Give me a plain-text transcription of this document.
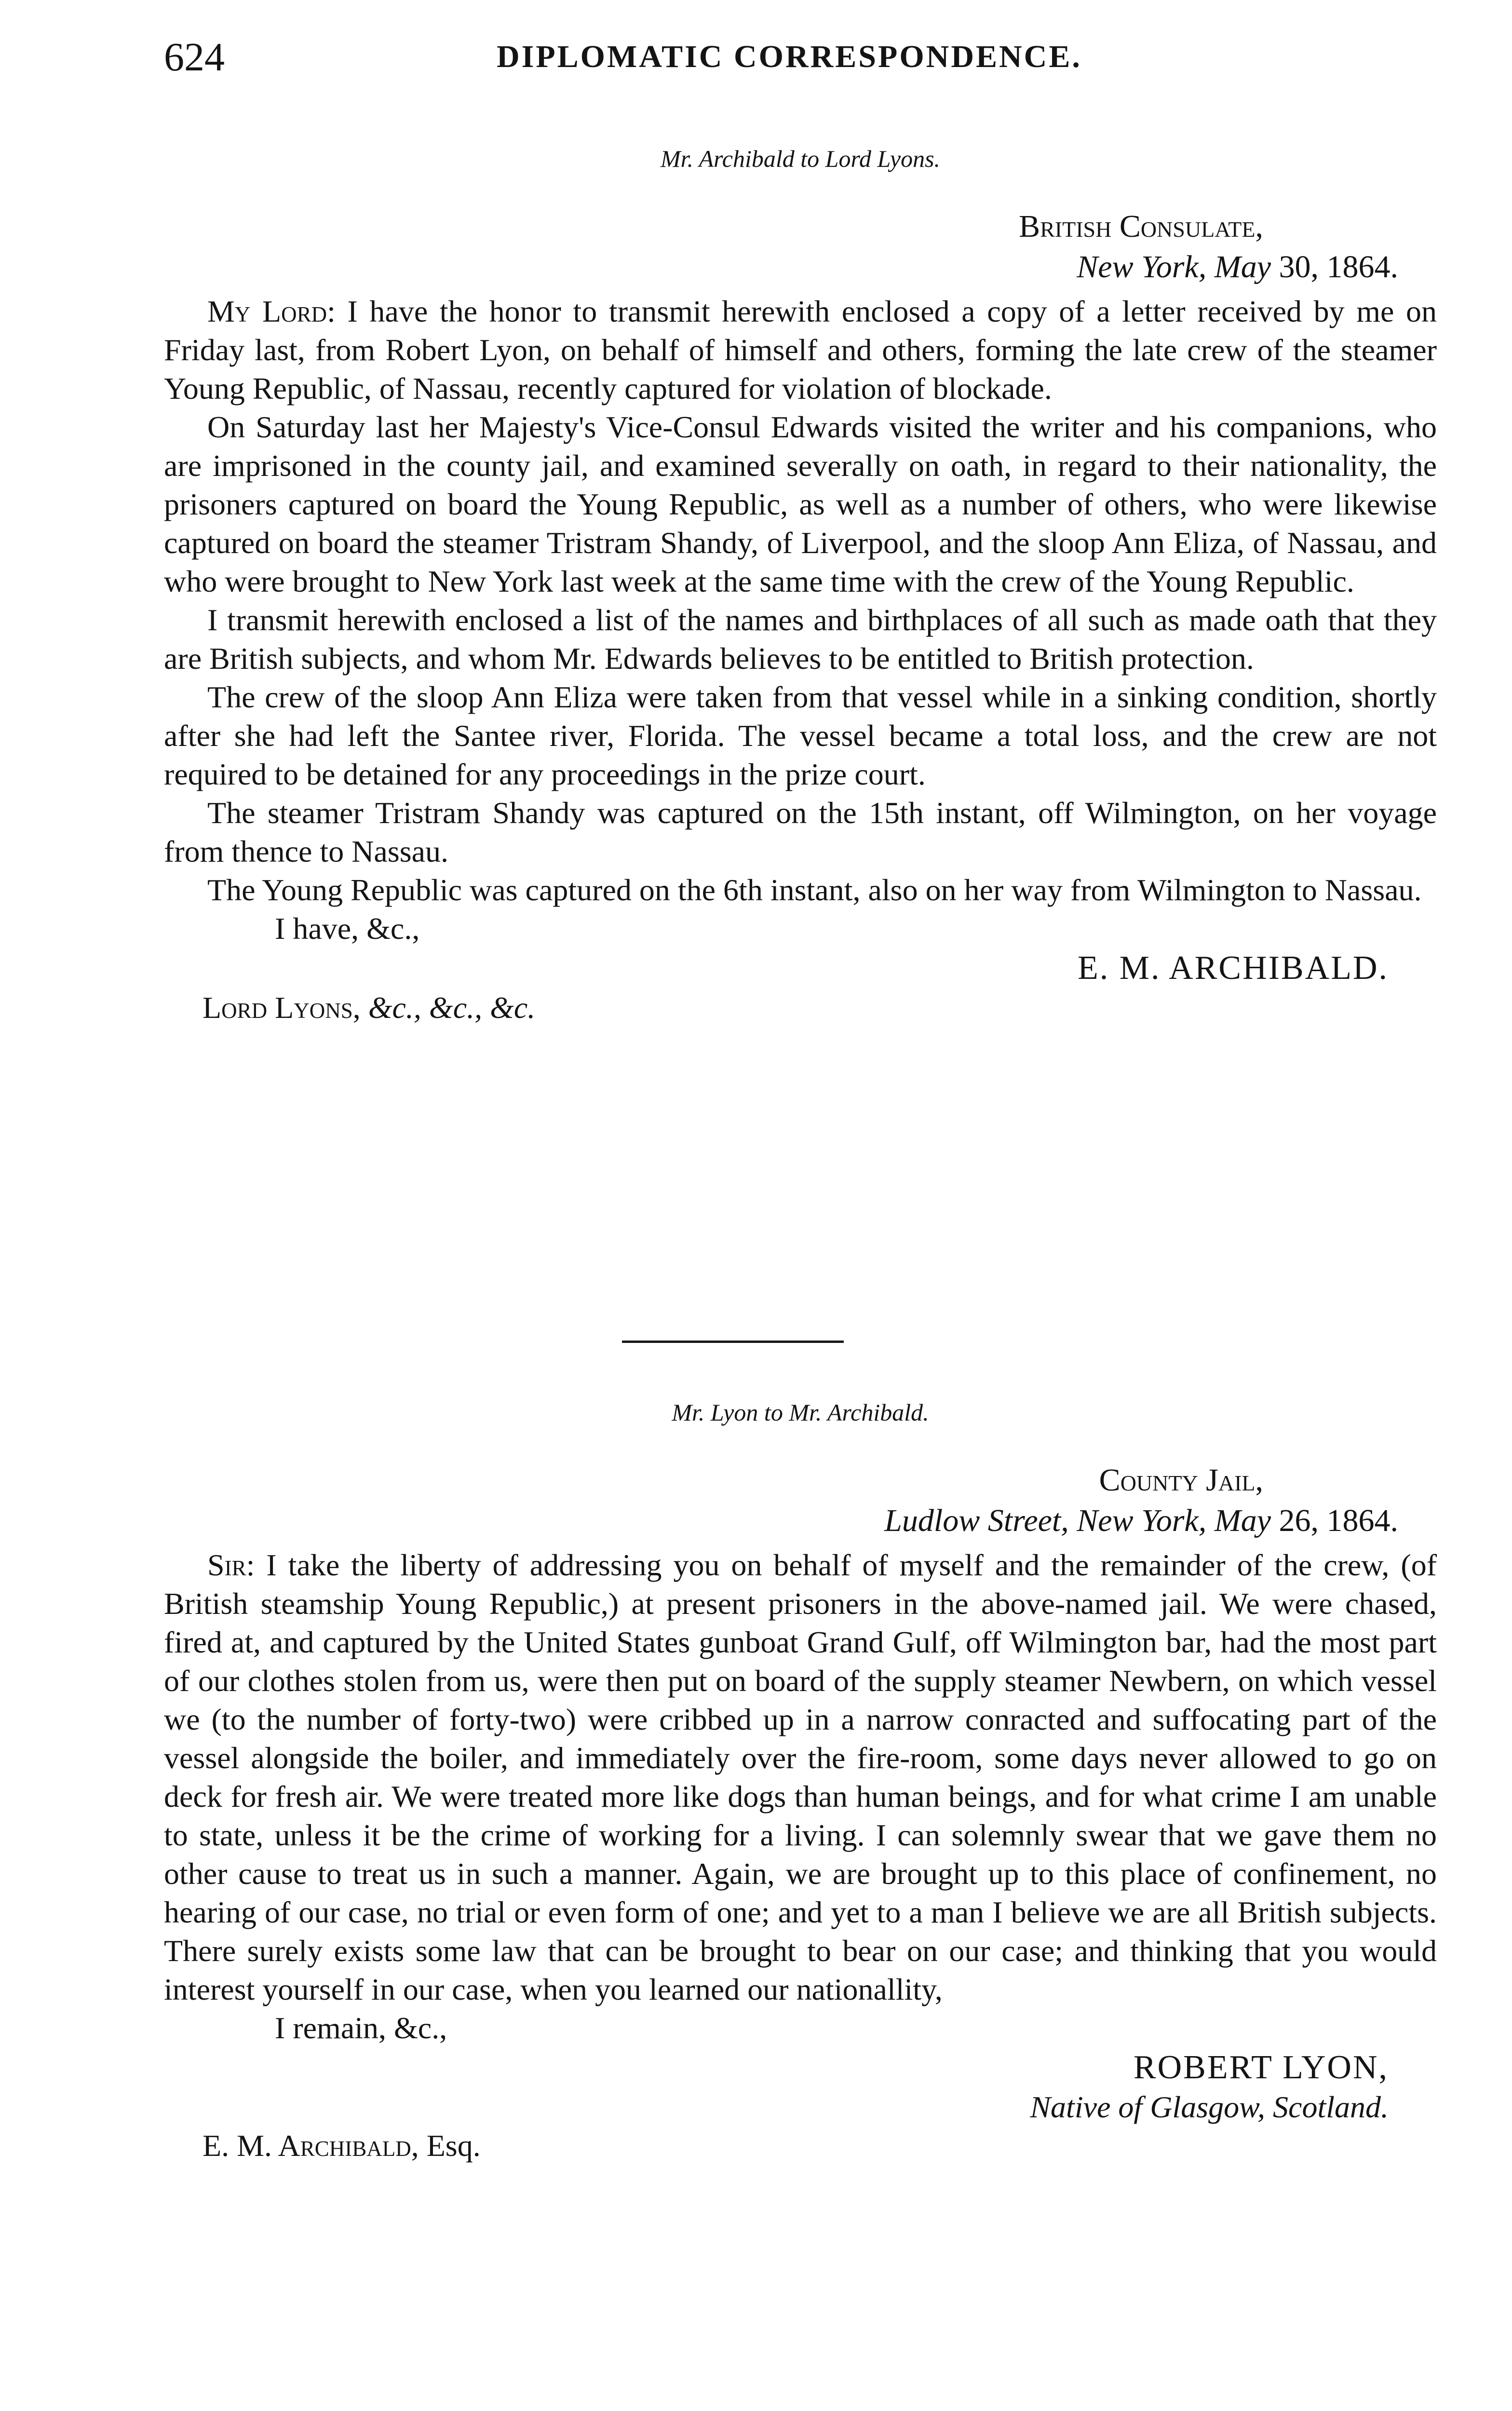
624	DIPLOMATIC CORRESPONDENCE.
Mr. Archibald to Lord Lyons.
British Consulate,
New York, May 30, 1864.

My Lord: I have the honor to transmit herewith enclosed a copy of a letter received by me on Friday last, from Robert Lyon, on behalf of himself and others, forming the late crew of the steamer Young Republic, of Nassau, recently captured for violation of blockade.

On Saturday last her Majesty's Vice-Consul Edwards visited the writer and his companions, who are imprisoned in the county jail, and examined severally on oath, in regard to their nationality, the prisoners captured on board the Young Republic, as well as a number of others, who were likewise captured on board the steamer Tristram Shandy, of Liverpool, and the sloop Ann Eliza, of Nassau, and who were brought to New York last week at the same time with the crew of the Young Republic.

I transmit herewith enclosed a list of the names and birthplaces of all such as made oath that they are British subjects, and whom Mr. Edwards believes to be entitled to British protection.

The crew of the sloop Ann Eliza were taken from that vessel while in a sinking condition, shortly after she had left the Santee river, Florida. The vessel became a total loss, and the crew are not required to be detained for any proceedings in the prize court.

The steamer Tristram Shandy was captured on the 15th instant, off Wilmington, on her voyage from thence to Nassau.

The Young Republic was captured on the 6th instant, also on her way from Wilmington to Nassau.

I have, &c.,
E. M. ARCHIBALD.
Lord Lyons, &c., &c., &c.
Mr. Lyon to Mr. Archibald.
County Jail,
Ludlow Street, New York, May 26, 1864.

Sir: I take the liberty of addressing you on behalf of myself and the remainder of the crew, (of British steamship Young Republic,) at present prisoners in the above-named jail. We were chased, fired at, and captured by the United States gunboat Grand Gulf, off Wilmington bar, had the most part of our clothes stolen from us, were then put on board of the supply steamer Newbern, on which vessel we (to the number of forty-two) were cribbed up in a narrow conracted and suffocating part of the vessel alongside the boiler, and immediately over the fire-room, some days never allowed to go on deck for fresh air. We were treated more like dogs than human beings, and for what crime I am unable to state, unless it be the crime of working for a living. I can solemnly swear that we gave them no other cause to treat us in such a manner. Again, we are brought up to this place of confinement, no hearing of our case, no trial or even form of one; and yet to a man I believe we are all British subjects. There surely exists some law that can be brought to bear on our case; and thinking that you would interest yourself in our case, when you learned our nationallity,

I remain, &c.,
ROBERT LYON,
Native of Glasgow, Scotland.
E. M. Archibald, Esq.
